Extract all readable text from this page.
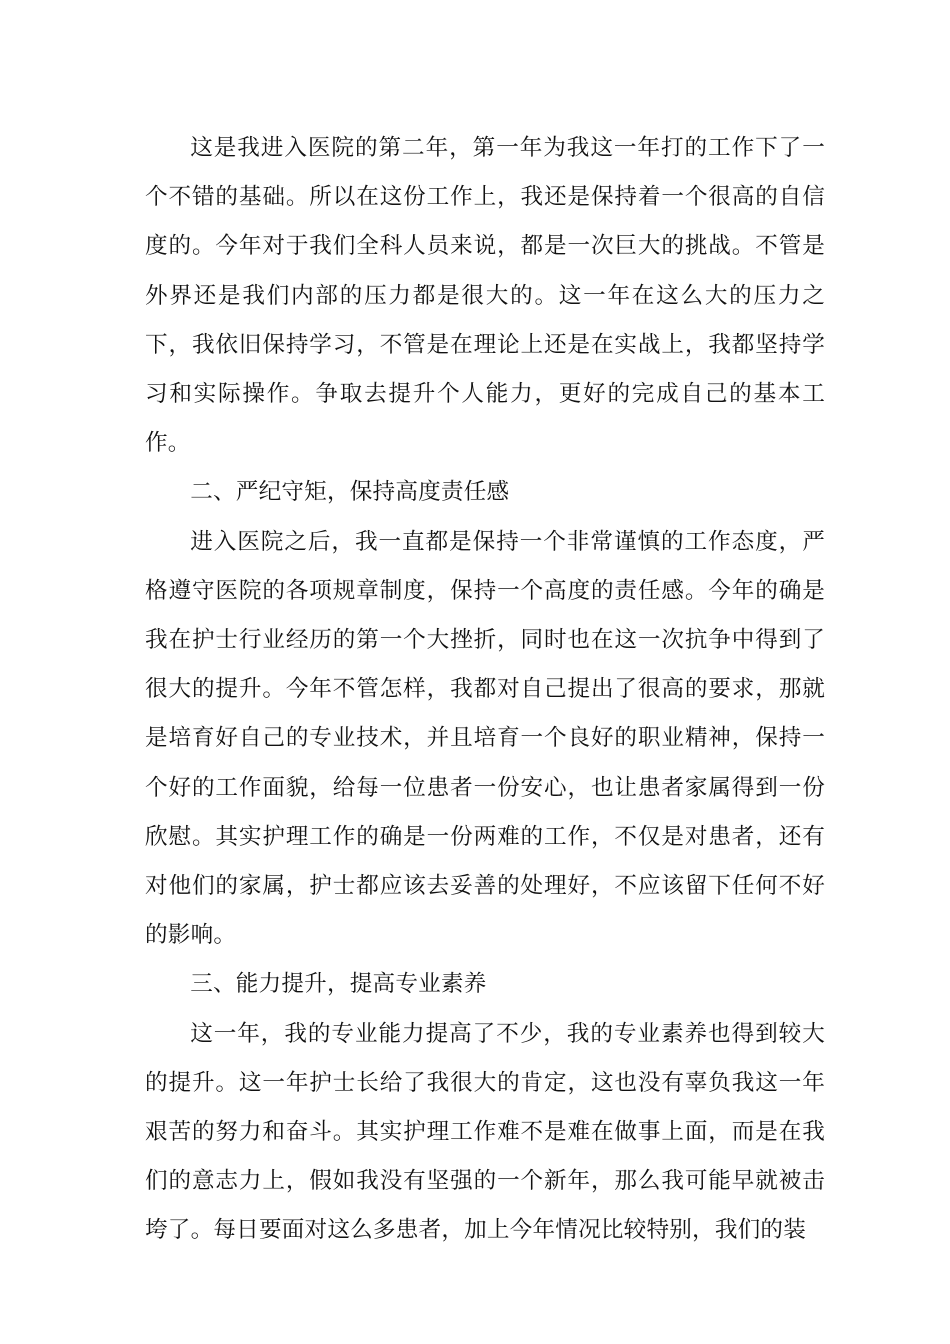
这是我进入医院的第二年，第一年为我这一年打的工作下了一个不错的基础。所以在这份工作上，我还是保持着一个很高的自信度的。今年对于我们全科人员来说，都是一次巨大的挑战。不管是外界还是我们内部的压力都是很大的。这一年在这么大的压力之下，我依旧保持学习，不管是在理论上还是在实战上，我都坚持学习和实际操作。争取去提升个人能力，更好的完成自己的基本工作。

二、严纪守矩，保持高度责任感

进入医院之后，我一直都是保持一个非常谨慎的工作态度，严格遵守医院的各项规章制度，保持一个高度的责任感。今年的确是我在护士行业经历的第一个大挫折，同时也在这一次抗争中得到了很大的提升。今年不管怎样，我都对自己提出了很高的要求，那就是培育好自己的专业技术，并且培育一个良好的职业精神，保持一个好的工作面貌，给每一位患者一份安心，也让患者家属得到一份欣慰。其实护理工作的确是一份两难的工作，不仅是对患者，还有对他们的家属，护士都应该去妥善的处理好，不应该留下任何不好的影响。

三、能力提升，提高专业素养

这一年，我的专业能力提高了不少，我的专业素养也得到较大的提升。这一年护士长给了我很大的肯定，这也没有辜负我这一年艰苦的努力和奋斗。其实护理工作难不是难在做事上面，而是在我们的意志力上，假如我没有坚强的一个新年，那么我可能早就被击垮了。每日要面对这么多患者，加上今年情况比较特别，我们的装
